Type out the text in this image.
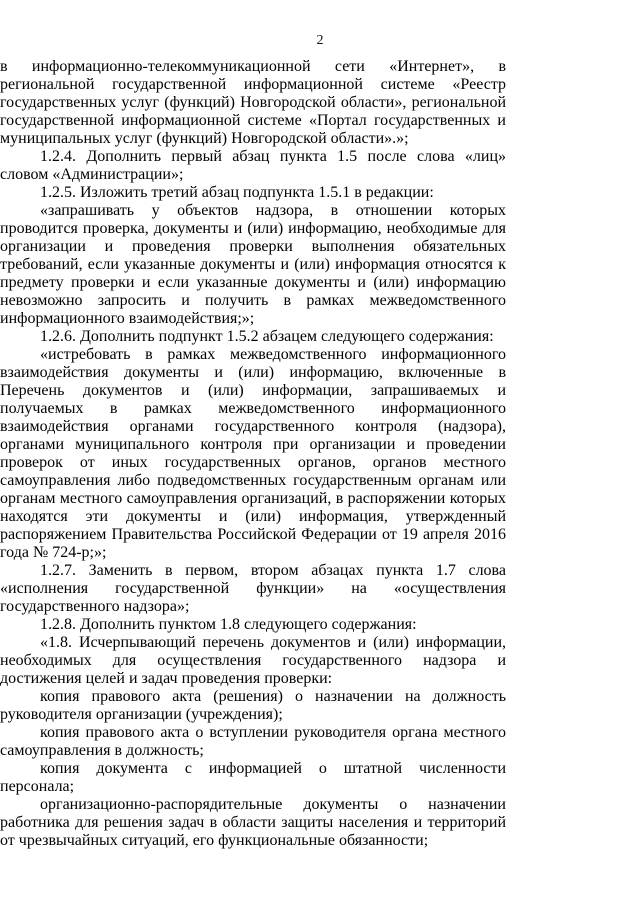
2

в информационно-телекоммуникационной сети «Интернет», в региональной государственной информационной системе «Реестр государственных услуг (функций) Новгородской области», региональной государственной информационной системе «Портал государственных и муниципальных услуг (функций) Новгородской области».»;

1.2.4. Дополнить первый абзац пункта 1.5 после слова «лиц» словом «Администрации»;

1.2.5. Изложить третий абзац подпункта 1.5.1 в редакции:

«запрашивать у объектов надзора, в отношении которых проводится проверка, документы и (или) информацию, необходимые для организации и проведения проверки выполнения обязательных требований, если указанные документы и (или) информация относятся к предмету проверки и если указанные документы и (или) информацию невозможно запросить и получить в рамках межведомственного информационного взаимодействия;»;

1.2.6. Дополнить подпункт 1.5.2 абзацем следующего содержания:

«истребовать в рамках межведомственного информационного взаимодействия документы и (или) информацию, включенные в Перечень документов и (или) информации, запрашиваемых и получаемых в рамках межведомственного информационного взаимодействия органами государственного контроля (надзора), органами муниципального контроля при организации и проведении проверок от иных государственных органов, органов местного самоуправления либо подведомственных государственным органам или органам местного самоуправления организаций, в распоряжении которых находятся эти документы и (или) информация, утвержденный распоряжением Правительства Российской Федерации от 19 апреля 2016 года № 724-р;»;

1.2.7. Заменить в первом, втором абзацах пункта 1.7 слова «исполнения государственной функции» на «осуществления государственного надзора»;

1.2.8. Дополнить пунктом 1.8 следующего содержания:

«1.8. Исчерпывающий перечень документов и (или) информации, необходимых для осуществления государственного надзора и достижения целей и задач проведения проверки:

копия правового акта (решения) о назначении на должность руководителя организации (учреждения);

копия правового акта о вступлении руководителя органа местного самоуправления в должность;

копия документа с информацией о штатной численности персонала;

организационно-распорядительные документы о назначении работника для решения задач в области защиты населения и территорий от чрезвычайных ситуаций, его функциональные обязанности;
